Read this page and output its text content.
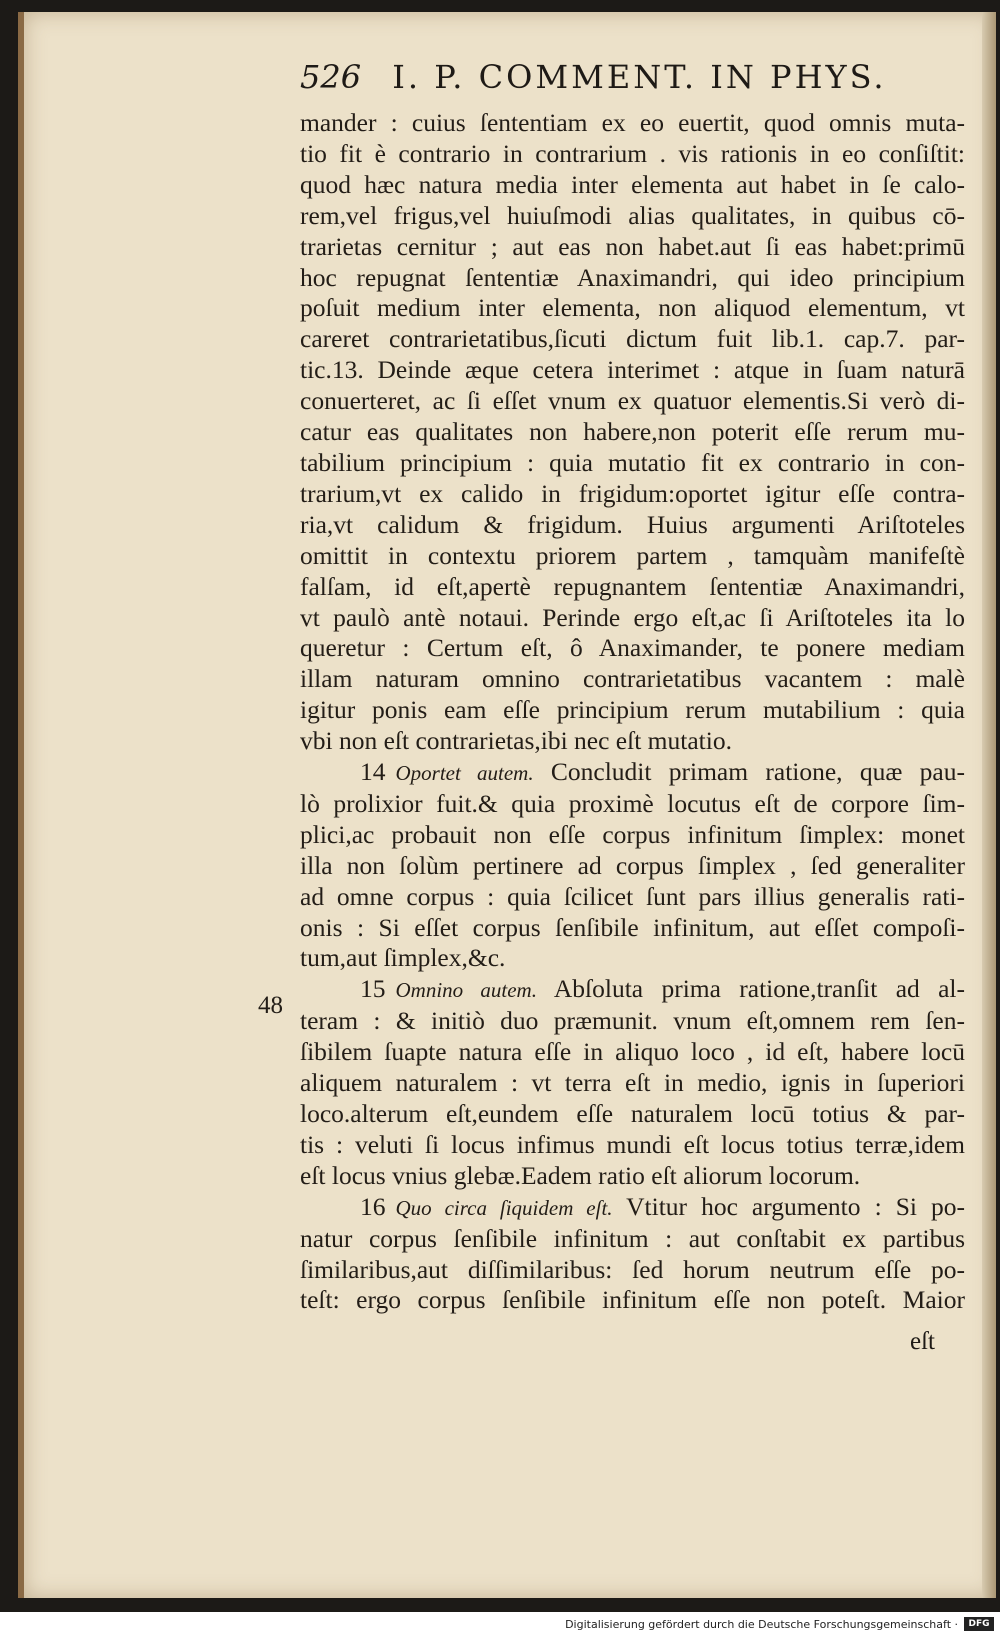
526 I. P. COMMENT. IN PHYS.
48
mander : cuius ſententiam ex eo euertit, quod omnis muta-
tio fit è contrario in contrarium . vis rationis in eo conſiſtit:
quod hæc natura media inter elementa aut habet in ſe calo-
rem,vel frigus,vel huiuſmodi alias qualitates, in quibus cō-
trarietas cernitur ; aut eas non habet.aut ſi eas habet:primū
hoc repugnat ſententiæ Anaximandri, qui ideo principium
poſuit medium inter elementa, non aliquod elementum, vt
careret contrarietatibus,ſicuti dictum fuit lib.1. cap.7. par-
tic.13. Deinde æque cetera interimet : atque in ſuam naturā
conuerteret, ac ſi eſſet vnum ex quatuor elementis.Si verò di-
catur eas qualitates non habere,non poterit eſſe rerum mu-
tabilium principium : quia mutatio fit ex contrario in con-
trarium,vt ex calido in frigidum:oportet igitur eſſe contra-
ria,vt calidum & frigidum. Huius argumenti Ariſtoteles
omittit in contextu priorem partem , tamquàm manifeſtè
falſam, id eſt,apertè repugnantem ſententiæ Anaximandri,
vt paulò antè notaui. Perinde ergo eſt,ac ſi Ariſtoteles ita lo
queretur : Certum eſt, ô Anaximander, te ponere mediam
illam naturam omnino contrarietatibus vacantem : malè
igitur ponis eam eſſe principium rerum mutabilium : quia
vbi non eſt contrarietas,ibi nec eſt mutatio.
14 Oportet autem. Concludit primam ratione, quæ pau-
lò prolixior fuit.& quia proximè locutus eſt de corpore ſim-
plici,ac probauit non eſſe corpus infinitum ſimplex: monet
illa non ſolùm pertinere ad corpus ſimplex , ſed generaliter
ad omne corpus : quia ſcilicet ſunt pars illius generalis rati-
onis : Si eſſet corpus ſenſibile infinitum, aut eſſet compoſi-
tum,aut ſimplex,&c.
15 Omnino autem. Abſoluta prima ratione,tranſit ad al-
teram : & initiò duo præmunit. vnum eſt,omnem rem ſen-
ſibilem ſuapte natura eſſe in aliquo loco , id eſt, habere locū
aliquem naturalem : vt terra eſt in medio, ignis in ſuperiori
loco.alterum eſt,eundem eſſe naturalem locū totius & par-
tis : veluti ſi locus infimus mundi eſt locus totius terræ,idem
eſt locus vnius glebæ.Eadem ratio eſt aliorum locorum.
16 Quo circa ſiquidem eſt. Vtitur hoc argumento : Si po-
natur corpus ſenſibile infinitum : aut conſtabit ex partibus
ſimilaribus,aut diſſimilaribus: ſed horum neutrum eſſe po-
teſt: ergo corpus ſenſibile infinitum eſſe non poteſt. Maior
eſt
Digitalisierung gefördert durch die Deutsche Forschungsgemeinschaft ·	DFG
